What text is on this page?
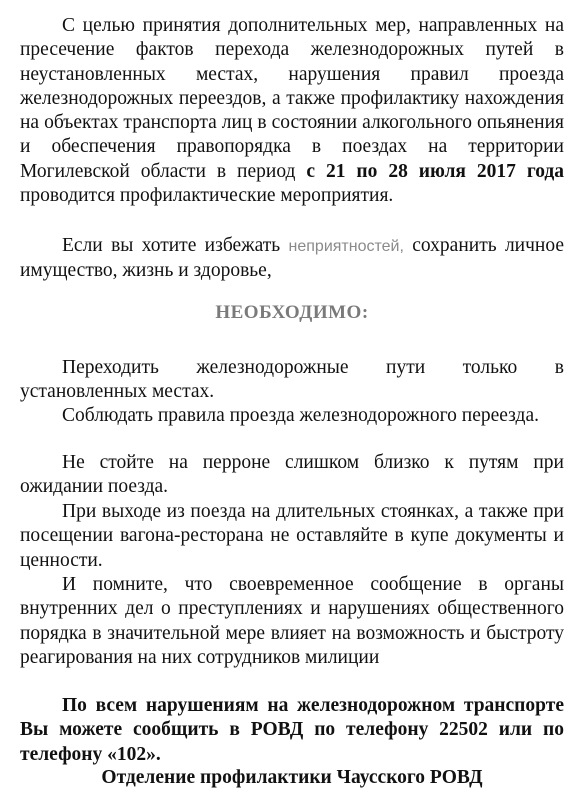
С целью принятия дополнительных мер, направленных на пресечение фактов перехода железнодорожных путей в неустановленных местах, нарушения правил проезда железнодорожных переездов, а также профилактику нахождения на объектах транспорта лиц в состоянии алкогольного опьянения и обеспечения правопорядка в поездах на территории Могилевской области в период с 21 по 28 июля 2017 года проводится профилактические мероприятия.

Если вы хотите избежать неприятностей, сохранить личное имущество, жизнь и здоровье,

НЕОБХОДИМО:

Переходить железнодорожные пути только в установленных местах.

Соблюдать правила проезда железнодорожного переезда.

Не стойте на перроне слишком близко к путям при ожидании поезда.

При выходе из поезда на длительных стоянках, а также при посещении вагона-ресторана не оставляйте в купе документы и ценности.

И помните, что своевременное сообщение в органы внутренних дел о преступлениях и нарушениях общественного порядка в значительной мере влияет на возможность и быстроту реагирования на них сотрудников милиции

По всем нарушениям на железнодорожном транспорте Вы можете сообщить в РОВД по телефону 22502 или по телефону «102».

Отделение профилактики Чаусского РОВД
